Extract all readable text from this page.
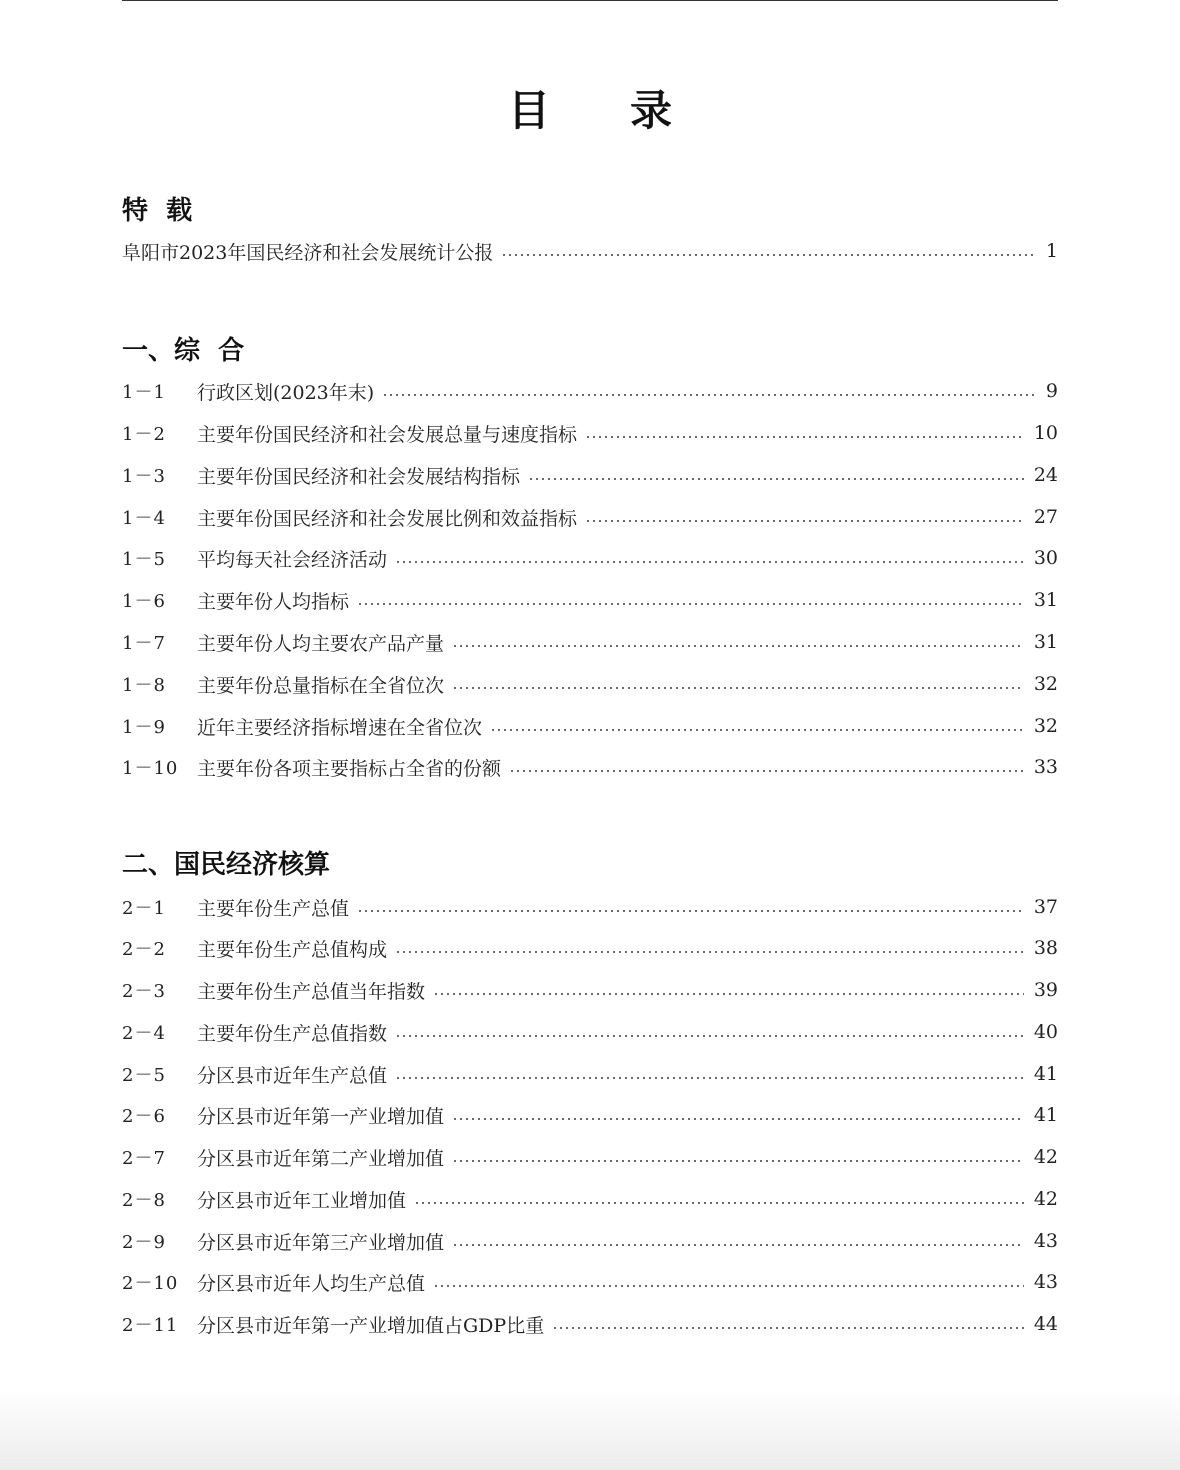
目录
特  载
阜阳市2023年国民经济和社会发展统计公报	1
一、综  合
1－1	行政区划(2023年末)	9
1－2	主要年份国民经济和社会发展总量与速度指标	10
1－3	主要年份国民经济和社会发展结构指标	24
1－4	主要年份国民经济和社会发展比例和效益指标	27
1－5	平均每天社会经济活动	30
1－6	主要年份人均指标	31
1－7	主要年份人均主要农产品产量	31
1－8	主要年份总量指标在全省位次	32
1－9	近年主要经济指标增速在全省位次	32
1－10 主要年份各项主要指标占全省的份额	33
二、国民经济核算
2－1	主要年份生产总值	37
2－2	主要年份生产总值构成	38
2－3	主要年份生产总值当年指数	39
2－4	主要年份生产总值指数	40
2－5	分区县市近年生产总值	41
2－6	分区县市近年第一产业增加值	41
2－7	分区县市近年第二产业增加值	42
2－8	分区县市近年工业增加值	42
2－9	分区县市近年第三产业增加值	43
2－10 分区县市近年人均生产总值	43
2－11 分区县市近年第一产业增加值占GDP比重	44
